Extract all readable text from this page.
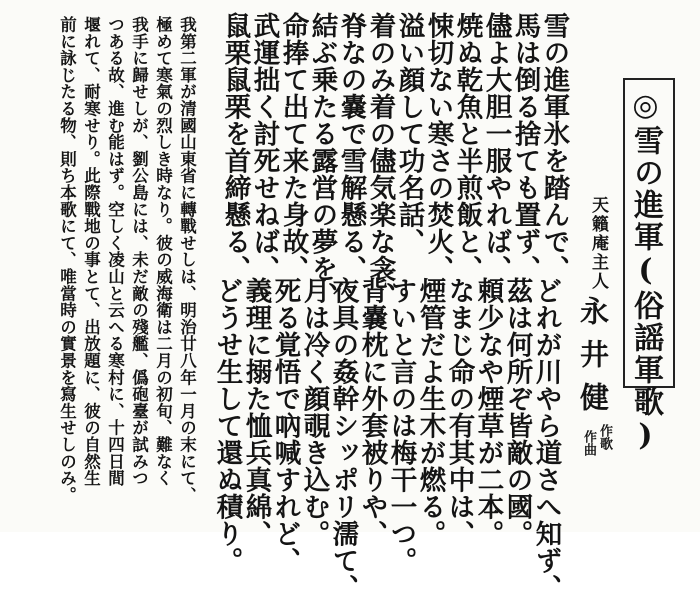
◎雪の進軍(俗謡軍歌)
天籟庵主人
永井健
作歌
作曲
雪の進軍氷を踏んで、
馬は倒る捨ても置ず、
儘よ大胆一服やれば、
焼ぬ乾魚と半煎飯と、
悚切ない寒さの焚火、
溢い顔して功名話、
着のみ着の儘気楽な衾、
脊なの嚢で雪解懸る、
結ぶ乗たる露営の夢を、
命捧て出て来た身故、
武運拙く討死せねば、
鼠栗鼠栗を首締懸る、
どれが川やら道さへ知ず、
茲は何所ぞ皆敵の國。
頼少なや煙草が二本。
なまじ命の有其中は、
煙管だよ生木が燃る。
すいと言のは梅干一つ。
背嚢枕に外套被りや、
夜具の姦幹シッポリ濡て、
月は冷く顔覗き込む。
死る覚悟で吶喊すれど、
義理に搦た恤兵真綿、
どうせ生して還ぬ積り。
我第二軍が清國山東省に轉戰せしは、明治廿八年一月の末にて、
極めて寒氣の烈しき時なり。彼の威海衛は二月の初旬、難なく
我手に歸せしが、劉公島には、未だ敵の殘艦、僞砲臺が試みつ
つある故、進む能はず。空しく凌山と云へる寒村に、十四日間
堰れて、耐寒せり。此際戰地の事とて、出放題に、彼の自然生
前に詠じたる物、則ち本歌にて、唯當時の實景を寫生せしのみ。
